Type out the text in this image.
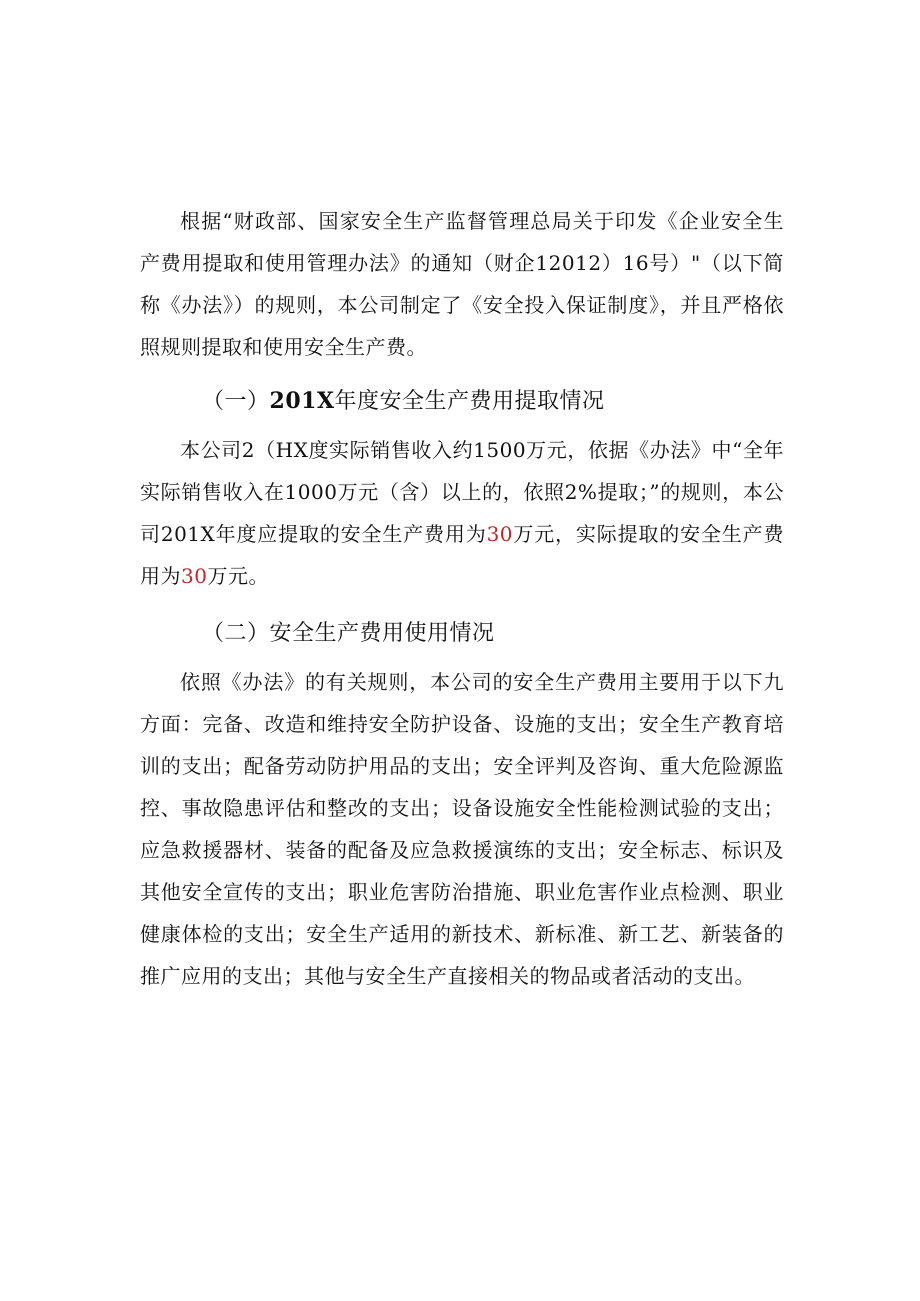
根据“财政部、国家安全生产监督管理总局关于印发《企业安全生产费用提取和使用管理办法》的通知（财企12012）16号）"（以下简称《办法》）的规则，本公司制定了《安全投入保证制度》，并且严格依照规则提取和使用安全生产费。

（一）201X年度安全生产费用提取情况

本公司2（HX度实际销售收入约1500万元，依据《办法》中“全年实际销售收入在1000万元（含）以上的，依照2%提取；”的规则，本公司201X年度应提取的安全生产费用为30万元，实际提取的安全生产费用为30万元。

（二）安全生产费用使用情况

依照《办法》的有关规则，本公司的安全生产费用主要用于以下九方面：完备、改造和维持安全防护设备、设施的支出；安全生产教育培训的支出；配备劳动防护用品的支出；安全评判及咨询、重大危险源监控、事故隐患评估和整改的支出；设备设施安全性能检测试验的支出；应急救援器材、装备的配备及应急救援演练的支出；安全标志、标识及其他安全宣传的支出；职业危害防治措施、职业危害作业点检测、职业健康体检的支出；安全生产适用的新技术、新标准、新工艺、新装备的推广应用的支出；其他与安全生产直接相关的物品或者活动的支出。
